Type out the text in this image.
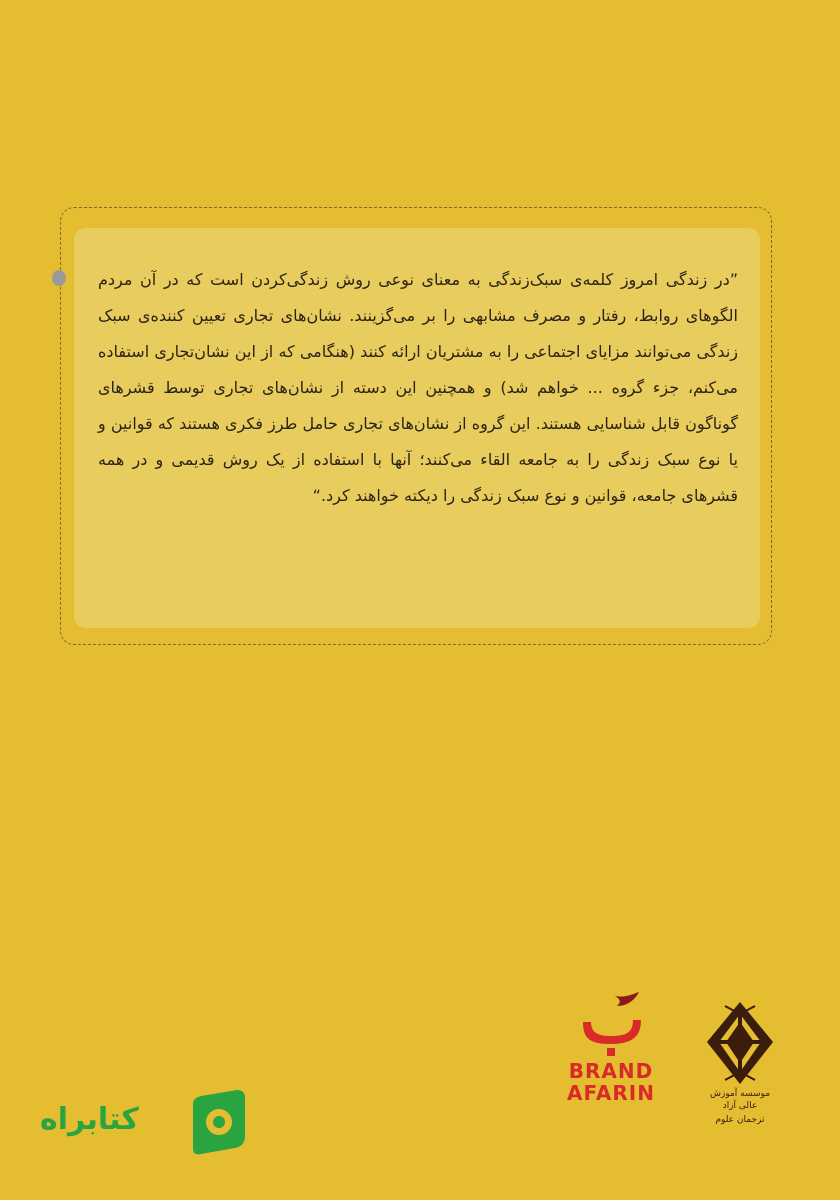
”در زندگی امروز کلمه‌ی سبک‌زندگی به معنای نوعی روش زندگی‌کردن است که در آن مردم الگوهای روابط، رفتار و مصرف مشابهی را بر می‌گزینند. نشان‌های تجاری تعیین کننده‌ی سبک زندگی می‌توانند مزایای اجتماعی را به مشتریان ارائه کنند (هنگامی که از این نشان‌تجاری استفاده می‌کنم، جزء گروه ... خواهم شد) و همچنین این دسته از نشان‌های تجاری توسط قشرهای گوناگون قابل شناسایی هستند. این گروه از نشان‌های تجاری حامل طرز فکری هستند که قوانین و یا نوع سبک زندگی را به جامعه القاء می‌کنند؛ آنها با استفاده از یک روش قدیمی و در همه قشرهای جامعه، قوانین و نوع سبک زندگی را دیکته خواهند کرد.“

موسسه آموزش عالی آزاد
ترجمان علوم
BRAND
AFARIN
کتابراه
